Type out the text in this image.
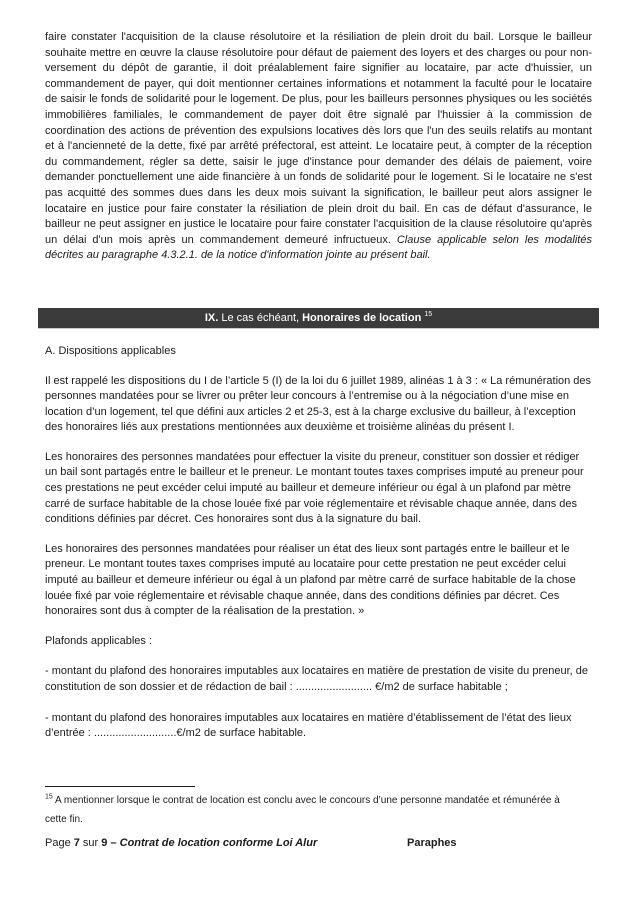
faire constater l'acquisition de la clause résolutoire et la résiliation de plein droit du bail. Lorsque le bailleur souhaite mettre en œuvre la clause résolutoire pour défaut de paiement des loyers et des charges ou pour non-versement du dépôt de garantie, il doit préalablement faire signifier au locataire, par acte d'huissier, un commandement de payer, qui doit mentionner certaines informations et notamment la faculté pour le locataire de saisir le fonds de solidarité pour le logement. De plus, pour les bailleurs personnes physiques ou les sociétés immobilières familiales, le commandement de payer doit être signalé par l'huissier à la commission de coordination des actions de prévention des expulsions locatives dès lors que l'un des seuils relatifs au montant et à l'ancienneté de la dette, fixé par arrêté préfectoral, est atteint. Le locataire peut, à compter de la réception du commandement, régler sa dette, saisir le juge d'instance pour demander des délais de paiement, voire demander ponctuellement une aide financière à un fonds de solidarité pour le logement. Si le locataire ne s'est pas acquitté des sommes dues dans les deux mois suivant la signification, le bailleur peut alors assigner le locataire en justice pour faire constater la résiliation de plein droit du bail. En cas de défaut d'assurance, le bailleur ne peut assigner en justice le locataire pour faire constater l'acquisition de la clause résolutoire qu'après un délai d'un mois après un commandement demeuré infructueux. Clause applicable selon les modalités décrites au paragraphe 4.3.2.1. de la notice d'information jointe au présent bail.

IX. Le cas échéant, Honoraires de location $^{15}$

A. Dispositions applicables

Il est rappelé les dispositions du I de l’article 5 (I) de la loi du 6 juillet 1989, alinéas 1 à 3 : « La rémunération des personnes mandatées pour se livrer ou prêter leur concours à l’entremise ou à la négociation d’une mise en location d’un logement, tel que défini aux articles 2 et 25-3, est à la charge exclusive du bailleur, à l’exception des honoraires liés aux prestations mentionnées aux deuxième et troisième alinéas du présent I.

Les honoraires des personnes mandatées pour effectuer la visite du preneur, constituer son dossier et rédiger un bail sont partagés entre le bailleur et le preneur. Le montant toutes taxes comprises imputé au preneur pour ces prestations ne peut excéder celui imputé au bailleur et demeure inférieur ou égal à un plafond par mètre carré de surface habitable de la chose louée fixé par voie réglementaire et révisable chaque année, dans des conditions définies par décret. Ces honoraires sont dus à la signature du bail.

Les honoraires des personnes mandatées pour réaliser un état des lieux sont partagés entre le bailleur et le preneur. Le montant toutes taxes comprises imputé au locataire pour cette prestation ne peut excéder celui imputé au bailleur et demeure inférieur ou égal à un plafond par mètre carré de surface habitable de la chose louée fixé par voie réglementaire et révisable chaque année, dans des conditions définies par décret. Ces honoraires sont dus à compter de la réalisation de la prestation. »

Plafonds applicables :

- montant du plafond des honoraires imputables aux locataires en matière de prestation de visite du preneur, de constitution de son dossier et de rédaction de bail : ......................... €/m2 de surface habitable ;

- montant du plafond des honoraires imputables aux locataires en matière d’établissement de l’état des lieux d’entrée : ...........................€/m2 de surface habitable.

$^{15}$ A mentionner lorsque le contrat de location est conclu avec le concours d’une personne mandatée et rémunérée à cette fin.

Page 7 sur 9 – Contrat de location conforme Loi Alur	Paraphes
